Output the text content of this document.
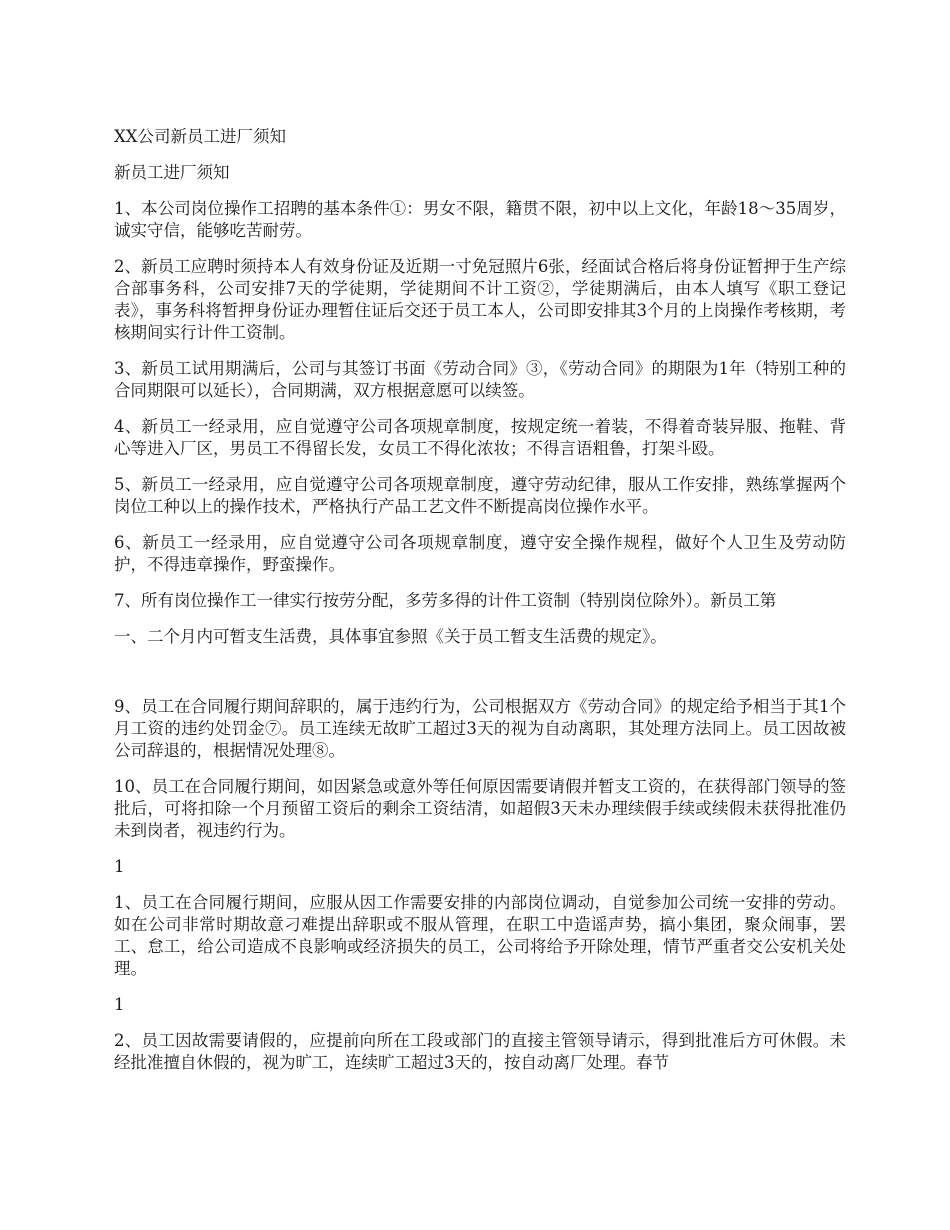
XX公司新员工进厂须知

新员工进厂须知

1、本公司岗位操作工招聘的基本条件①：男女不限，籍贯不限，初中以上文化，年龄18～35周岁，诚实守信，能够吃苦耐劳。

2、新员工应聘时须持本人有效身份证及近期一寸免冠照片6张，经面试合格后将身份证暂押于生产综合部事务科，公司安排7天的学徒期，学徒期间不计工资②，学徒期满后，由本人填写《职工登记表》，事务科将暂押身份证办理暂住证后交还于员工本人，公司即安排其3个月的上岗操作考核期，考核期间实行计件工资制。

3、新员工试用期满后，公司与其签订书面《劳动合同》③，《劳动合同》的期限为1年（特别工种的合同期限可以延长），合同期满，双方根据意愿可以续签。

4、新员工一经录用，应自觉遵守公司各项规章制度，按规定统一着装，不得着奇装异服、拖鞋、背心等进入厂区，男员工不得留长发，女员工不得化浓妆；不得言语粗鲁，打架斗殴。

5、新员工一经录用，应自觉遵守公司各项规章制度，遵守劳动纪律，服从工作安排，熟练掌握两个岗位工种以上的操作技术，严格执行产品工艺文件不断提高岗位操作水平。

6、新员工一经录用，应自觉遵守公司各项规章制度，遵守安全操作规程，做好个人卫生及劳动防护，不得违章操作，野蛮操作。

7、所有岗位操作工一律实行按劳分配，多劳多得的计件工资制（特别岗位除外）。新员工第

一、二个月内可暂支生活费，具体事宜参照《关于员工暂支生活费的规定》。

9、员工在合同履行期间辞职的，属于违约行为，公司根据双方《劳动合同》的规定给予相当于其1个月工资的违约处罚金⑦。员工连续无故旷工超过3天的视为自动离职，其处理方法同上。员工因故被公司辞退的，根据情况处理⑧。

10、员工在合同履行期间，如因紧急或意外等任何原因需要请假并暂支工资的，在获得部门领导的签批后，可将扣除一个月预留工资后的剩余工资结清，如超假3天未办理续假手续或续假未获得批准仍未到岗者，视违约行为。

1

1、员工在合同履行期间，应服从因工作需要安排的内部岗位调动，自觉参加公司统一安排的劳动。如在公司非常时期故意刁难提出辞职或不服从管理，在职工中造谣声势，搞小集团，聚众闹事，罢工、怠工，给公司造成不良影响或经济损失的员工，公司将给予开除处理，情节严重者交公安机关处理。

1

2、员工因故需要请假的，应提前向所在工段或部门的直接主管领导请示，得到批准后方可休假。未经批准擅自休假的，视为旷工，连续旷工超过3天的，按自动离厂处理。春节
